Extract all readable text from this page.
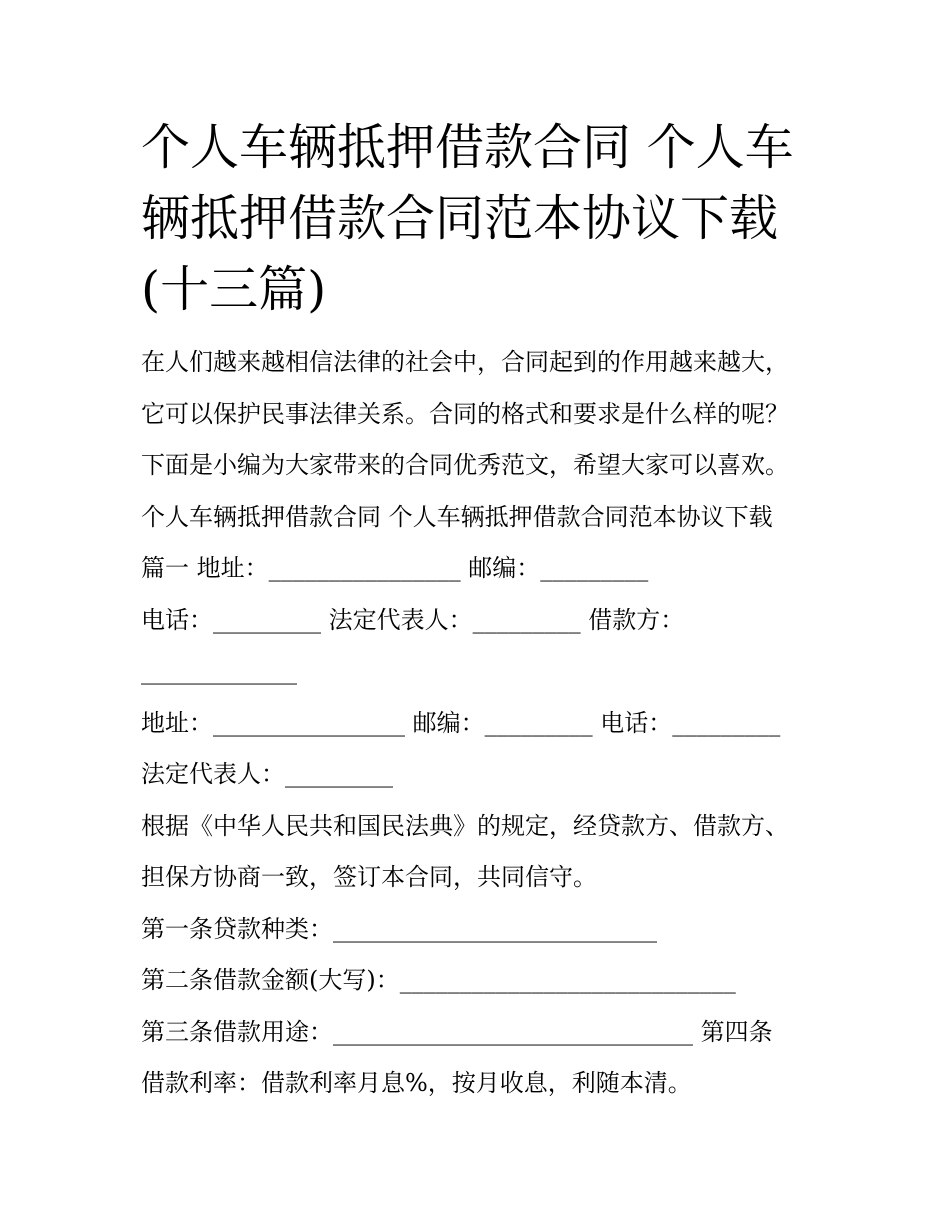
个人车辆抵押借款合同 个人车
辆抵押借款合同范本协议下载
(十三篇)
在人们越来越相信法律的社会中，合同起到的作用越来越大，
它可以保护民事法律关系。合同的格式和要求是什么样的呢？
下面是小编为大家带来的合同优秀范文，希望大家可以喜欢。
个人车辆抵押借款合同 个人车辆抵押借款合同范本协议下载
篇一 地址：________________ 邮编：_________
电话：_________ 法定代表人：_________ 借款方：
_____________
地址：________________ 邮编：_________ 电话：_________
法定代表人：_________
根据《中华人民共和国民法典》的规定，经贷款方、借款方、
担保方协商一致，签订本合同，共同信守。
第一条贷款种类：___________________________
第二条借款金额(大写)：____________________________
第三条借款用途：______________________________ 第四条
借款利率：借款利率月息%，按月收息，利随本清。
